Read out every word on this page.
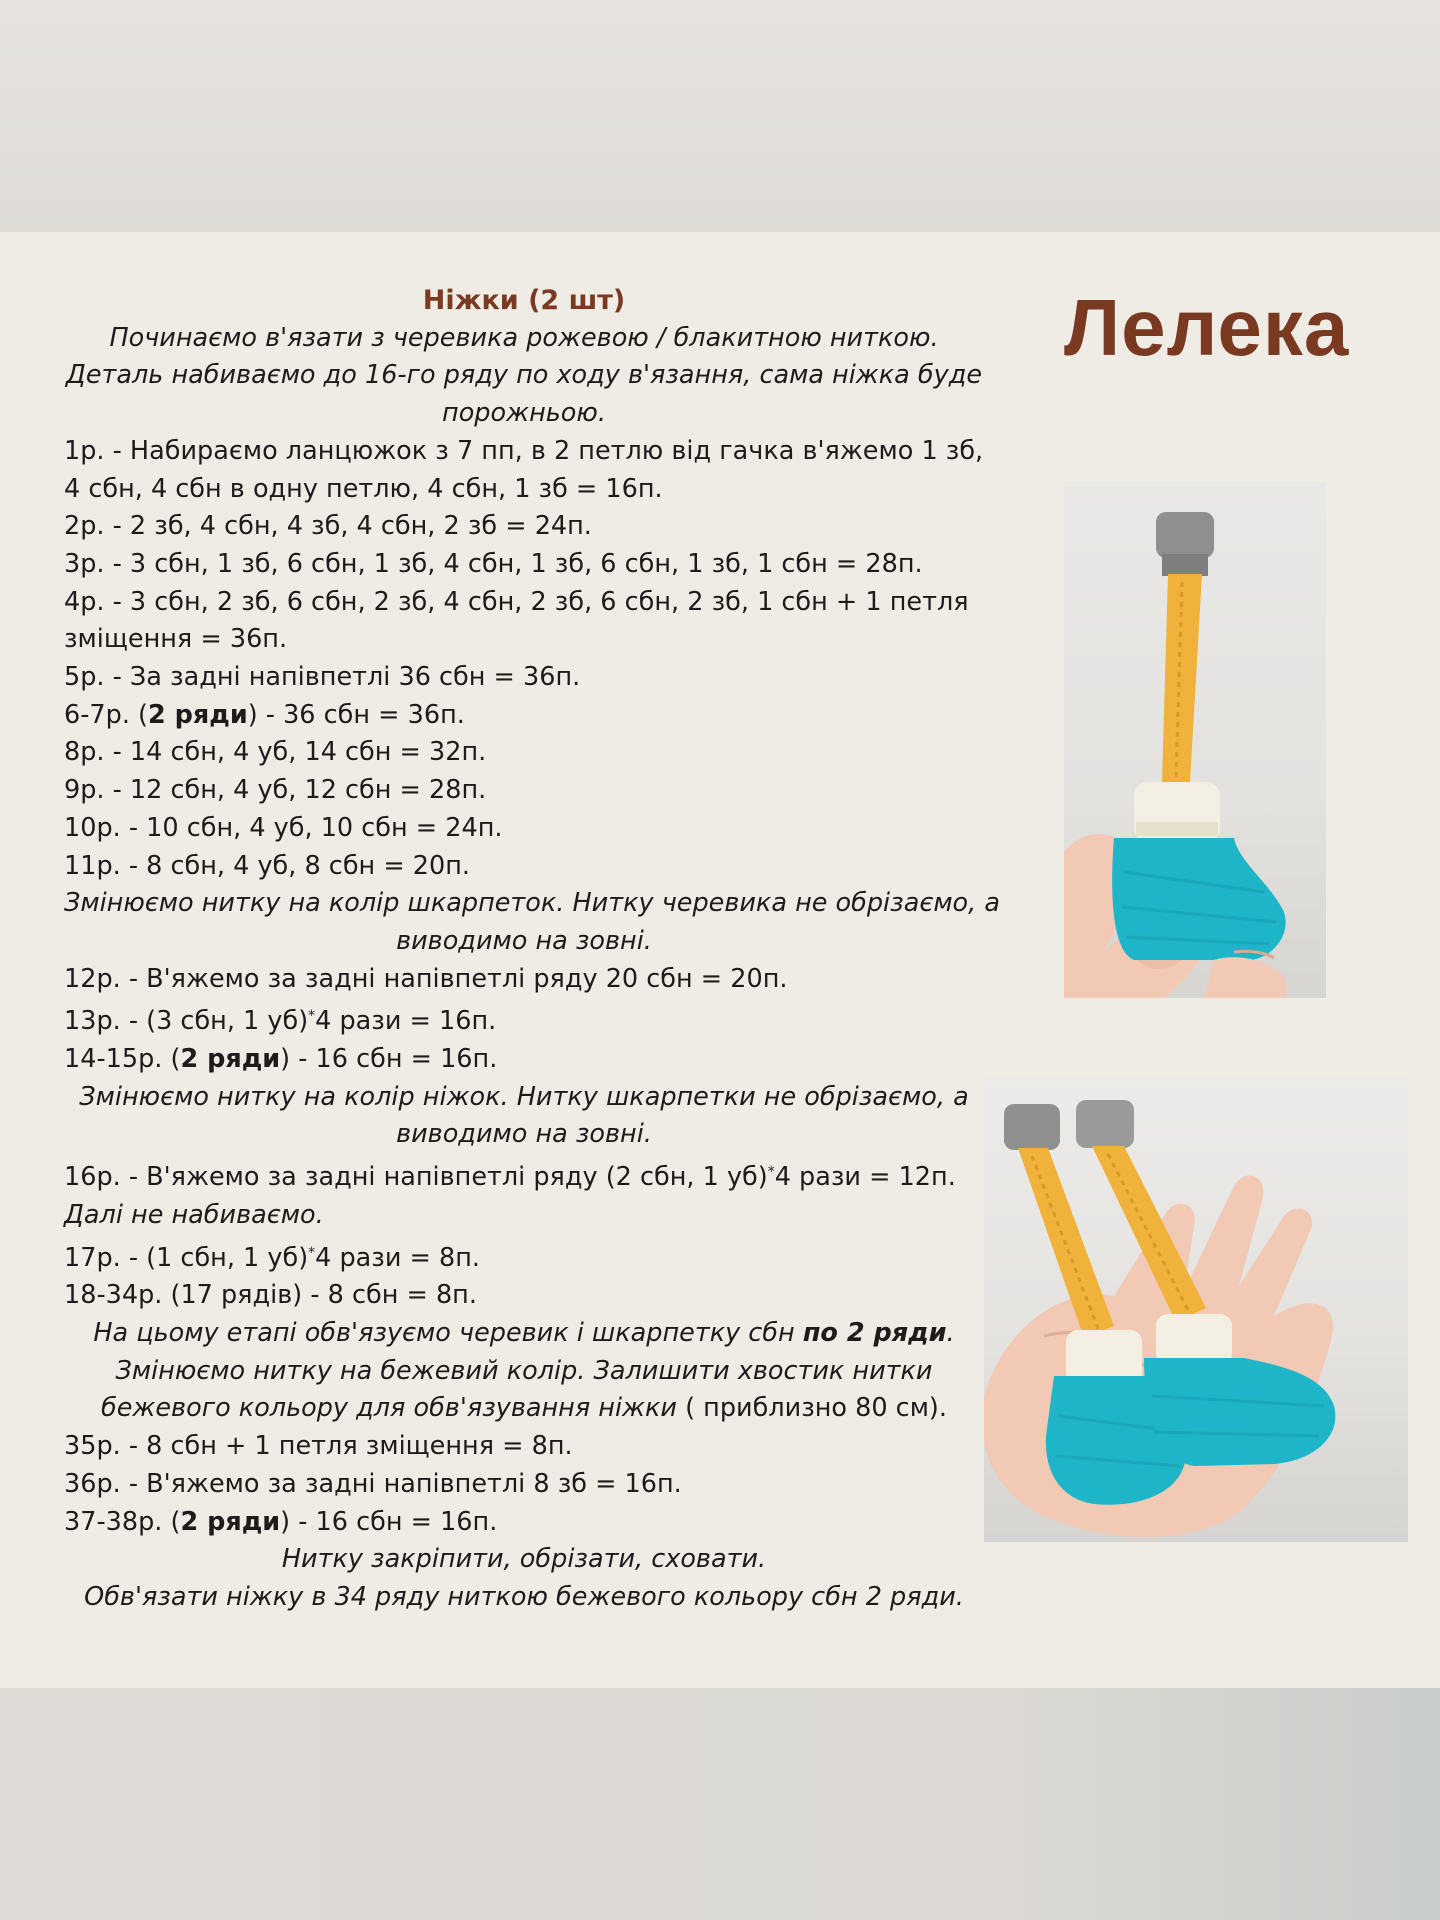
Лелека
Ніжки (2 шт)
Починаємо в'язати з черевика рожевою / блакитною ниткою.
Деталь набиваємо до 16-го ряду по ходу в'язання, сама ніжка буде
порожньою.
1р. - Набираємо ланцюжок з 7 пп, в 2 петлю від гачка в'яжемо 1 зб,
4 сбн, 4 сбн в одну петлю, 4 сбн, 1 зб = 16п.
2р. - 2 зб, 4 сбн, 4 зб, 4 сбн, 2 зб = 24п.
3р. - 3 сбн, 1 зб, 6 сбн, 1 зб, 4 сбн, 1 зб, 6 сбн, 1 зб, 1 сбн = 28п.
4р. - 3 сбн, 2 зб, 6 сбн, 2 зб, 4 сбн, 2 зб, 6 сбн, 2 зб, 1 сбн + 1 петля
зміщення = 36п.
5р. - За задні напівпетлі 36 сбн = 36п.
6-7р. (2 ряди) - 36 сбн = 36п.
8р. - 14 сбн, 4 уб, 14 сбн = 32п.
9р. - 12 сбн, 4 уб, 12 сбн = 28п.
10р. - 10 сбн, 4 уб, 10 сбн = 24п.
11р. - 8 сбн, 4 уб, 8 сбн = 20п.
Змінюємо нитку на колір шкарпеток. Нитку черевика не обрізаємо, а
виводимо на зовні.
12р. - В'яжемо за задні напівпетлі ряду 20 сбн = 20п.
13р. - (3 сбн, 1 уб)*4 рази = 16п.
14-15р. (2 ряди) - 16 сбн = 16п.
Змінюємо нитку на колір ніжок. Нитку шкарпетки не обрізаємо, а
виводимо на зовні.
16р. - В'яжемо за задні напівпетлі ряду (2 сбн, 1 уб)*4 рази = 12п.
Далі не набиваємо.
17р. - (1 сбн, 1 уб)*4 рази = 8п.
18-34р. (17 рядів) - 8 сбн = 8п.
На цьому етапі обв'язуємо черевик і шкарпетку сбн по 2 ряди.
Змінюємо нитку на бежевий колір. Залишити хвостик нитки
бежевого кольору для обв'язування ніжки ( приблизно 80 см).
35р. - 8 сбн + 1 петля зміщення = 8п.
36р. - В'яжемо за задні напівпетлі 8 зб = 16п.
37-38р. (2 ряди) - 16 сбн = 16п.
Нитку закріпити, обрізати, сховати.
Обв'язати ніжку в 34 ряду ниткою бежевого кольору сбн 2 ряди.
